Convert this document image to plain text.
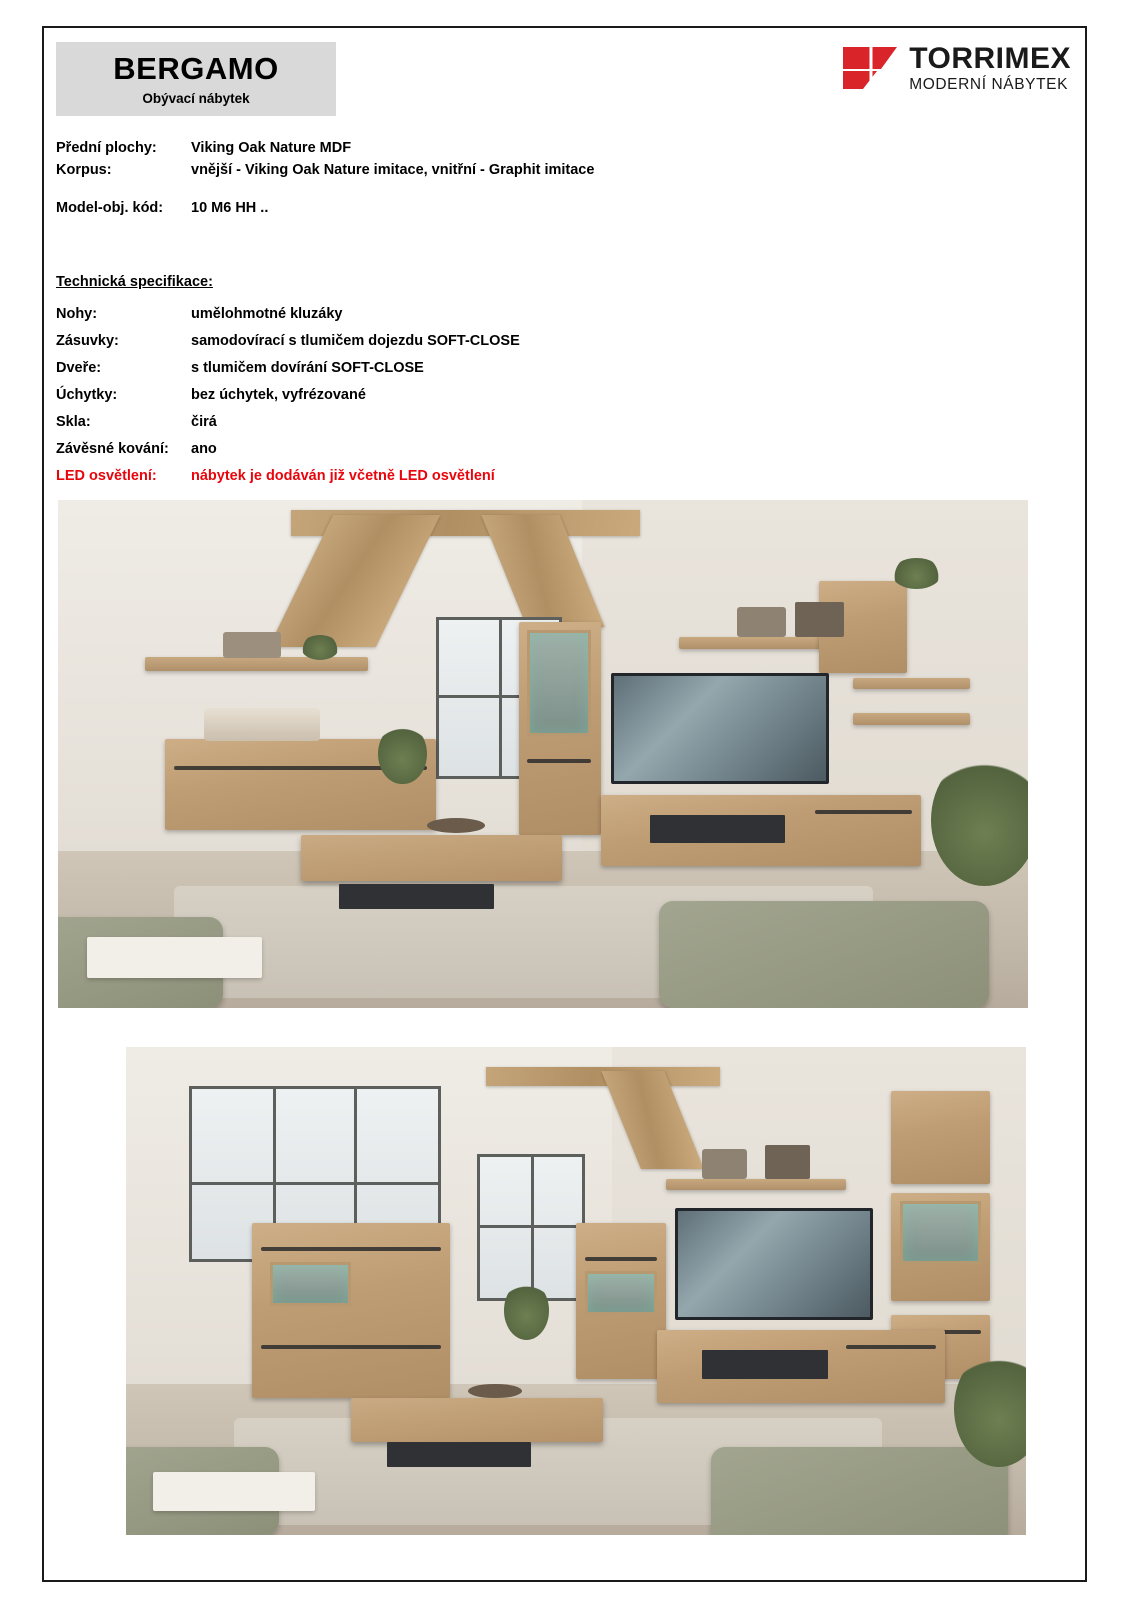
BERGAMO
Obývací nábytek
TORRIMEX
MODERNÍ NÁBYTEK
Přední plochy:	Viking Oak Nature MDF
Korpus:	vnější - Viking Oak Nature imitace, vnitřní - Graphit imitace
Model-obj. kód:	10 M6 HH ..
Technická specifikace:
Nohy:	umělohmotné kluzáky
Zásuvky:	samodovírací s tlumičem dojezdu SOFT-CLOSE
Dveře:	s tlumičem dovírání SOFT-CLOSE
Úchytky:	bez úchytek, vyfrézované
Skla:	čirá
Závěsné kování:	ano
LED osvětlení:	nábytek je dodáván již včetně LED osvětlení
